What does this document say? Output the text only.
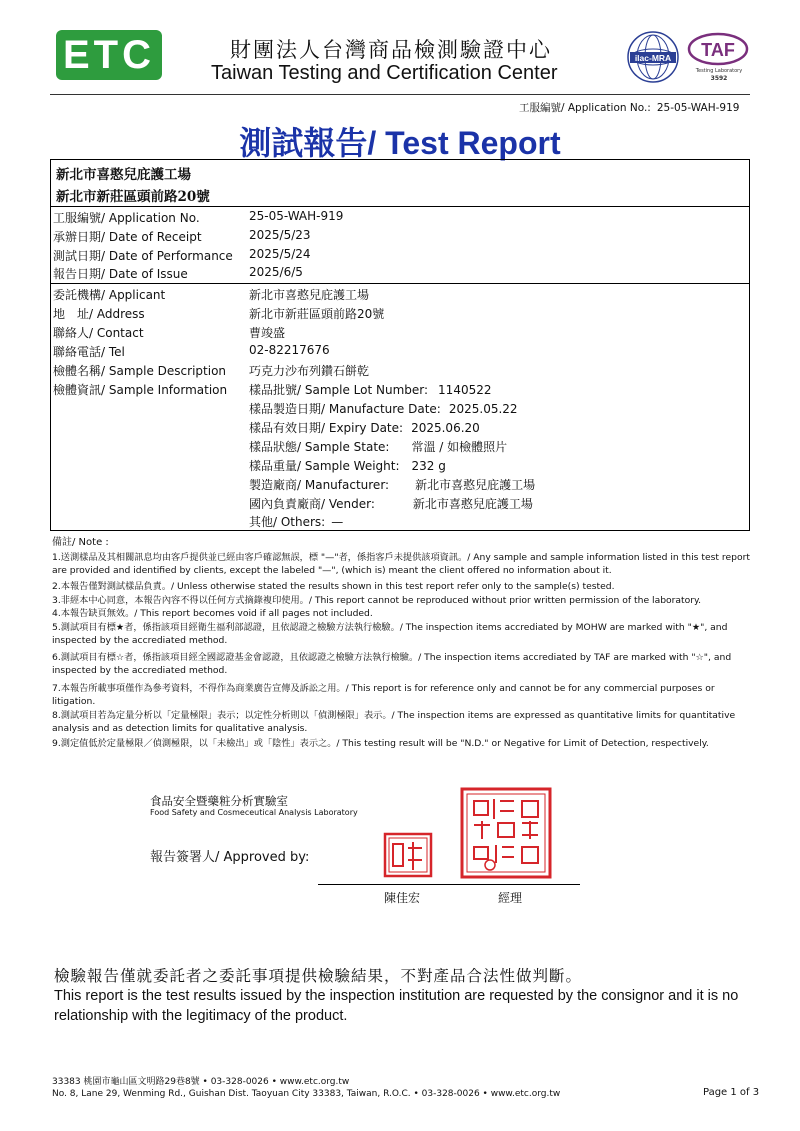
ETC	財團法人台灣商品檢測驗證中心
Taiwan Testing and Certification Center
ilac-MRA TAF
Testing Laboratory
3592
工服編號/ Application No.: 25-05-WAH-919
測試報告/ Test Report
新北市喜憨兒庇護工場
新北市新莊區頭前路20號
工服編號/ Application No.	25-05-WAH-919
承辦日期/ Date of Receipt	2025/5/23
測試日期/ Date of Performance 2025/5/24
報告日期/ Date of Issue	2025/6/5
委託機構/ Applicant	新北市喜憨兒庇護工場
地　址/ Address	新北市新莊區頭前路20號
聯絡人/ Contact	曹竣盛
聯絡電話/ Tel	02-82217676
檢體名稱/ Sample Description 巧克力沙布列鑽石餅乾
檢體資訊/ Sample Information 樣品批號/ Sample Lot Number: 1140522
樣品製造日期/ Manufacture Date: 2025.05.22
樣品有效日期/ Expiry Date: 2025.06.20
樣品狀態/ Sample State: 常溫 / 如檢體照片
樣品重量/ Sample Weight: 232 g
製造廠商/ Manufacturer: 新北市喜憨兒庇護工場
國內負責廠商/ Vender:	新北市喜憨兒庇護工場
其他/ Others: —
備註/ Note :
1.送測樣品及其相關訊息均由客戶提供並已經由客戶確認無誤，標 "—"者，係指客戶未提供該項資訊。/ Any sample and sample information listed in this test report are provided and identified by clients, except the labeled "—", (which is) meant the client offered no information about it.
2.本報告僅對測試樣品負責。/ Unless otherwise stated the results shown in this test report refer only to the sample(s) tested.
3.非經本中心同意，本報告內容不得以任何方式摘錄複印使用。/ This report cannot be reproduced without prior written permission of the laboratory.
4.本報告缺頁無效。/ This report becomes void if all pages not included.
5.測試項目有標★者，係指該項目經衛生福利部認證，且依認證之檢驗方法執行檢驗。/ The inspection items accrediated by MOHW are marked with "★", and inspected by the accrediated method.
6.測試項目有標☆者，係指該項目經全國認證基金會認證，且依認證之檢驗方法執行檢驗。/ The inspection items accrediated by TAF are marked with "☆", and inspected by the accrediated method.
7.本報告所載事項僅作為參考資料，不得作為商業廣告宣傳及訴訟之用。/ This report is for reference only and cannot be for any commercial purposes or litigation.
8.測試項目若為定量分析以「定量極限」表示；以定性分析則以「偵測極限」表示。/ The inspection items are expressed as quantitative limits for quantitative analysis and as detection limits for qualitative analysis.
9.測定值低於定量極限／偵測極限，以「未檢出」或「陰性」表示之。/ This testing result will be "N.D." or Negative for Limit of Detection, respectively.
食品安全暨藥粧分析實驗室
Food Safety and Cosmeceutical Analysis Laboratory
報告簽署人/ Approved by:
陳佳宏	經理
檢驗報告僅就委託者之委託事項提供檢驗結果，不對產品合法性做判斷。
This report is the test results issued by the inspection institution are requested by the consignor and it is no relationship with the legitimacy of the product.
33383 桃園市龜山區文明路29巷8號 • 03-328-0026 • www.etc.org.tw
No. 8, Lane 29, Wenming Rd., Guishan Dist. Taoyuan City 33383, Taiwan, R.O.C. • 03-328-0026 • www.etc.org.tw	Page 1 of 3
